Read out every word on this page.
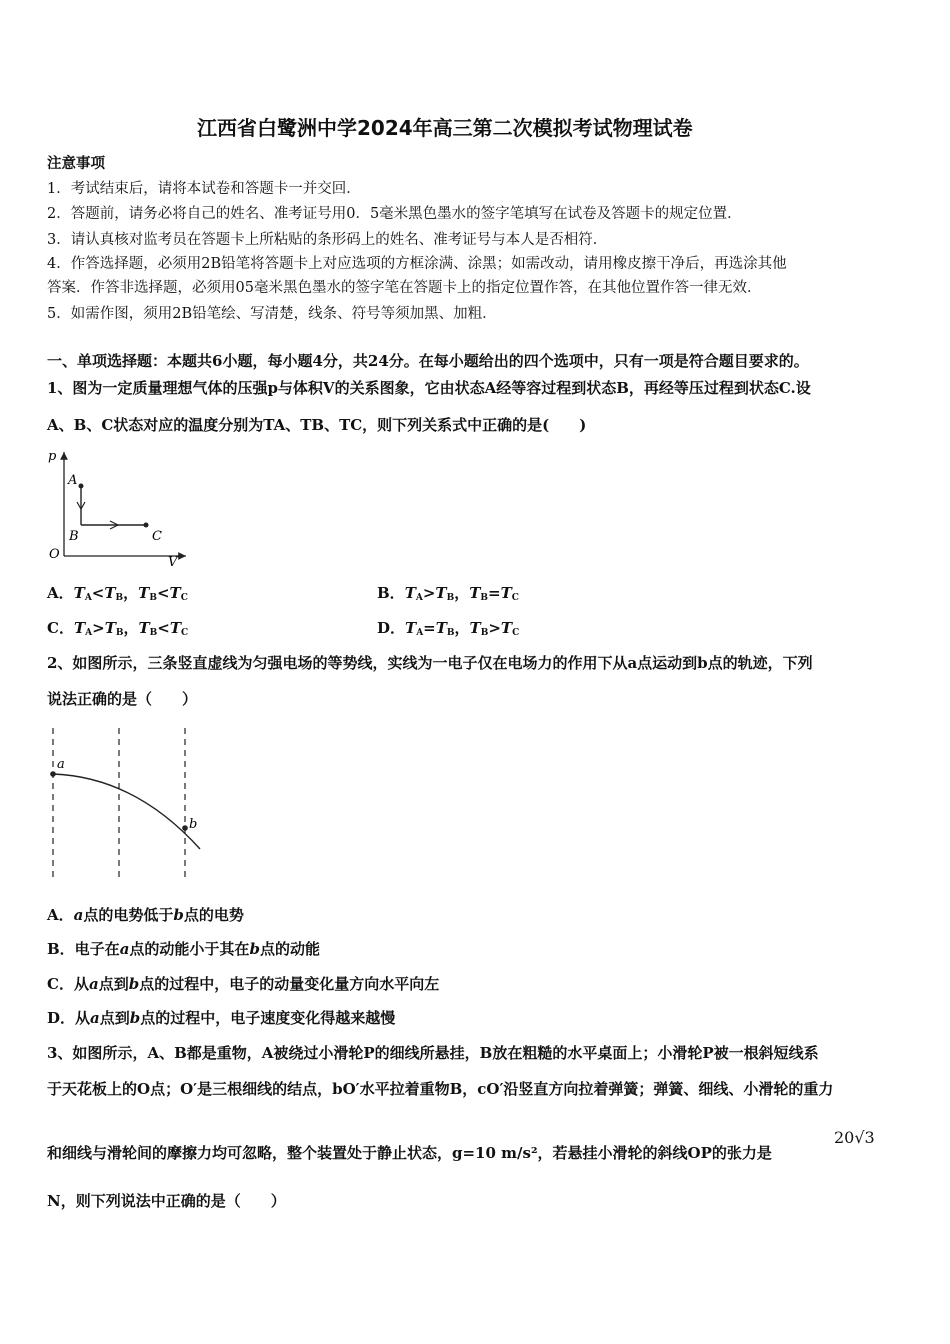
江西省白鹭洲中学2024年高三第二次模拟考试物理试卷
注意事项
1．考试结束后，请将本试卷和答题卡一并交回．
2．答题前，请务必将自己的姓名、准考证号用0．5毫米黑色墨水的签字笔填写在试卷及答题卡的规定位置．
3．请认真核对监考员在答题卡上所粘贴的条形码上的姓名、准考证号与本人是否相符．
4．作答选择题，必须用2B铅笔将答题卡上对应选项的方框涂满、涂黑；如需改动，请用橡皮擦干净后，再选涂其他
答案．作答非选择题，必须用05毫米黑色墨水的签字笔在答题卡上的指定位置作答，在其他位置作答一律无效．
5．如需作图，须用2B铅笔绘、写清楚，线条、符号等须加黑、加粗．
一、单项选择题：本题共6小题，每小题4分，共24分。在每小题给出的四个选项中，只有一项是符合题目要求的。
1、图为一定质量理想气体的压强p与体积V的关系图象，它由状态A经等容过程到状态B，再经等压过程到状态C.设
A、B、C状态对应的温度分别为TA、TB、TC，则下列关系式中正确的是(　　)
p
V
O
A
B	C
A．$T_A<T_B$，$T_B<T_C$	B．$T_A>T_B$，$T_B=T_C$
C．$T_A>T_B$，$T_B<T_C$	D．$T_A=T_B$，$T_B>T_C$
2、如图所示，三条竖直虚线为匀强电场的等势线，实线为一电子仅在电场力的作用下从a点运动到b点的轨迹，下列
说法正确的是（　　）
a
b
A．a点的电势低于b点的电势
B．电子在a点的动能小于其在b点的动能
C．从a点到b点的过程中，电子的动量变化量方向水平向左
D．从a点到b点的过程中，电子速度变化得越来越慢
3、如图所示，A、B都是重物，A被绕过小滑轮P的细线所悬挂，B放在粗糙的水平桌面上；小滑轮P被一根斜短线系
于天花板上的O点；O′是三根细线的结点，bO′水平拉着重物B，cO′沿竖直方向拉着弹簧；弹簧、细线、小滑轮的重力
和细线与滑轮间的摩擦力均可忽略，整个装置处于静止状态，g=10 m/s²，若悬挂小滑轮的斜线OP的张力是
20√3
N，则下列说法中正确的是（　　）
